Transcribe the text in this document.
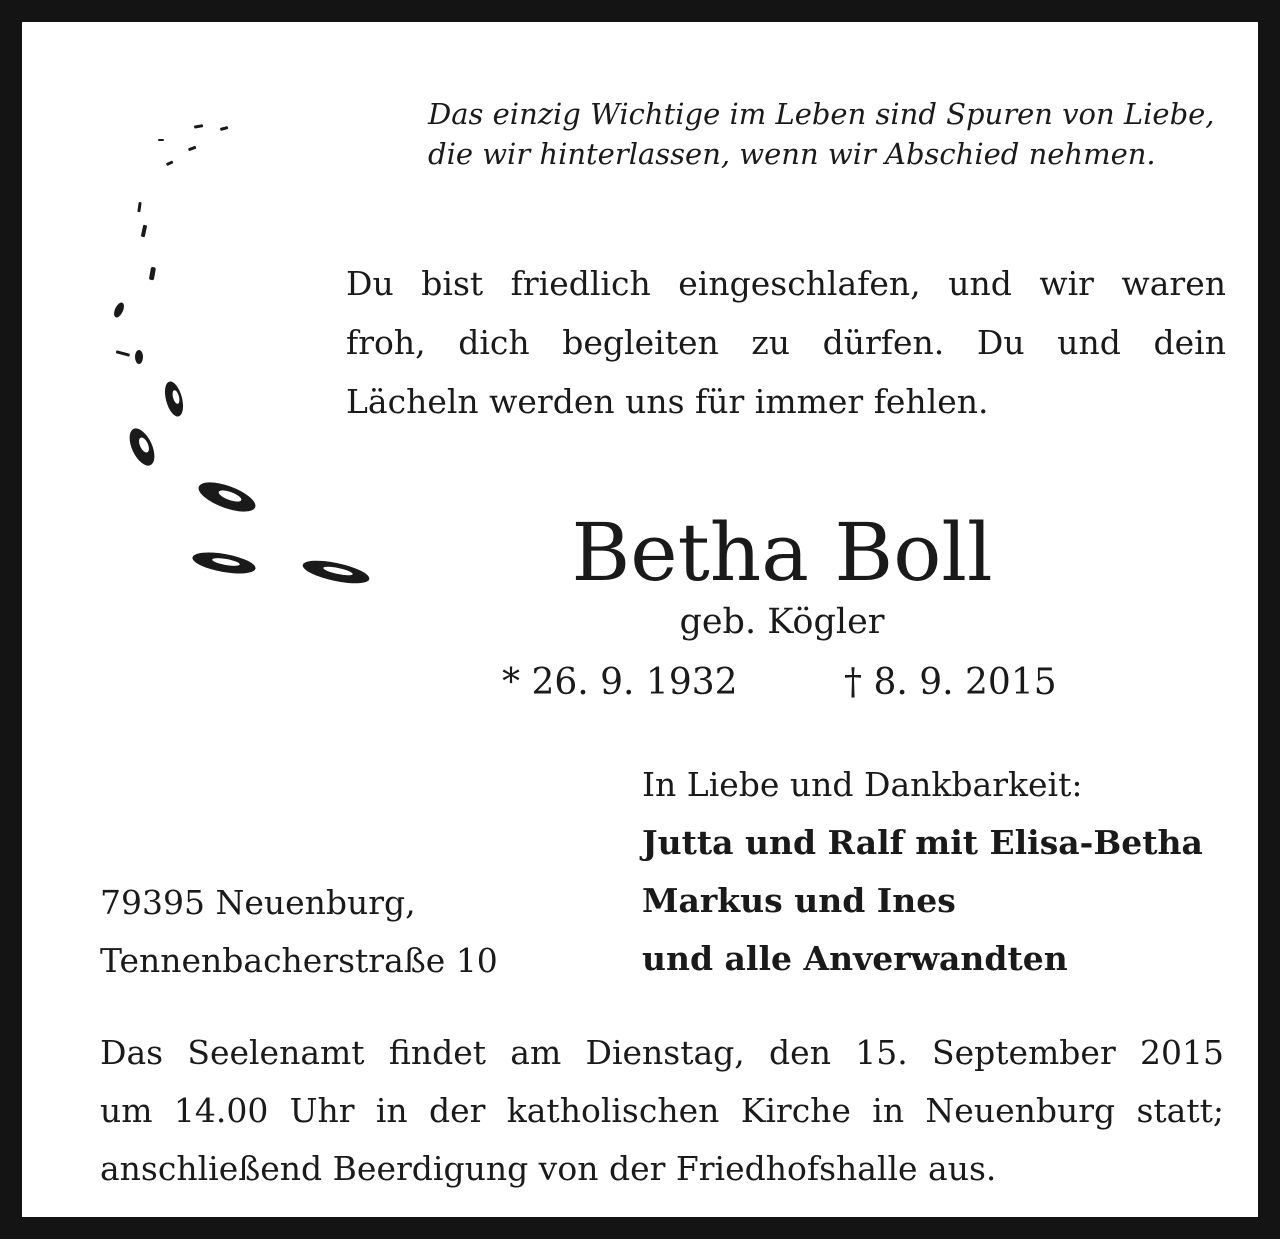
Das einzig Wichtige im Leben sind Spuren von Liebe,
die wir hinterlassen, wenn wir Abschied nehmen.
Du bist friedlich eingeschlafen, und wir waren
froh, dich begleiten zu dürfen. Du und dein
Lächeln werden uns für immer fehlen.
Betha Boll
geb. Kögler
* 26. 9. 1932	† 8. 9. 2015
In Liebe und Dankbarkeit:
Jutta und Ralf mit Elisa-Betha
Markus und Ines
und alle Anverwandten
79395 Neuenburg,
Tennenbacherstraße 10
Das Seelenamt findet am Dienstag, den 15. September 2015
um 14.00 Uhr in der katholischen Kirche in Neuenburg statt;
anschließend Beerdigung von der Friedhofshalle aus.
